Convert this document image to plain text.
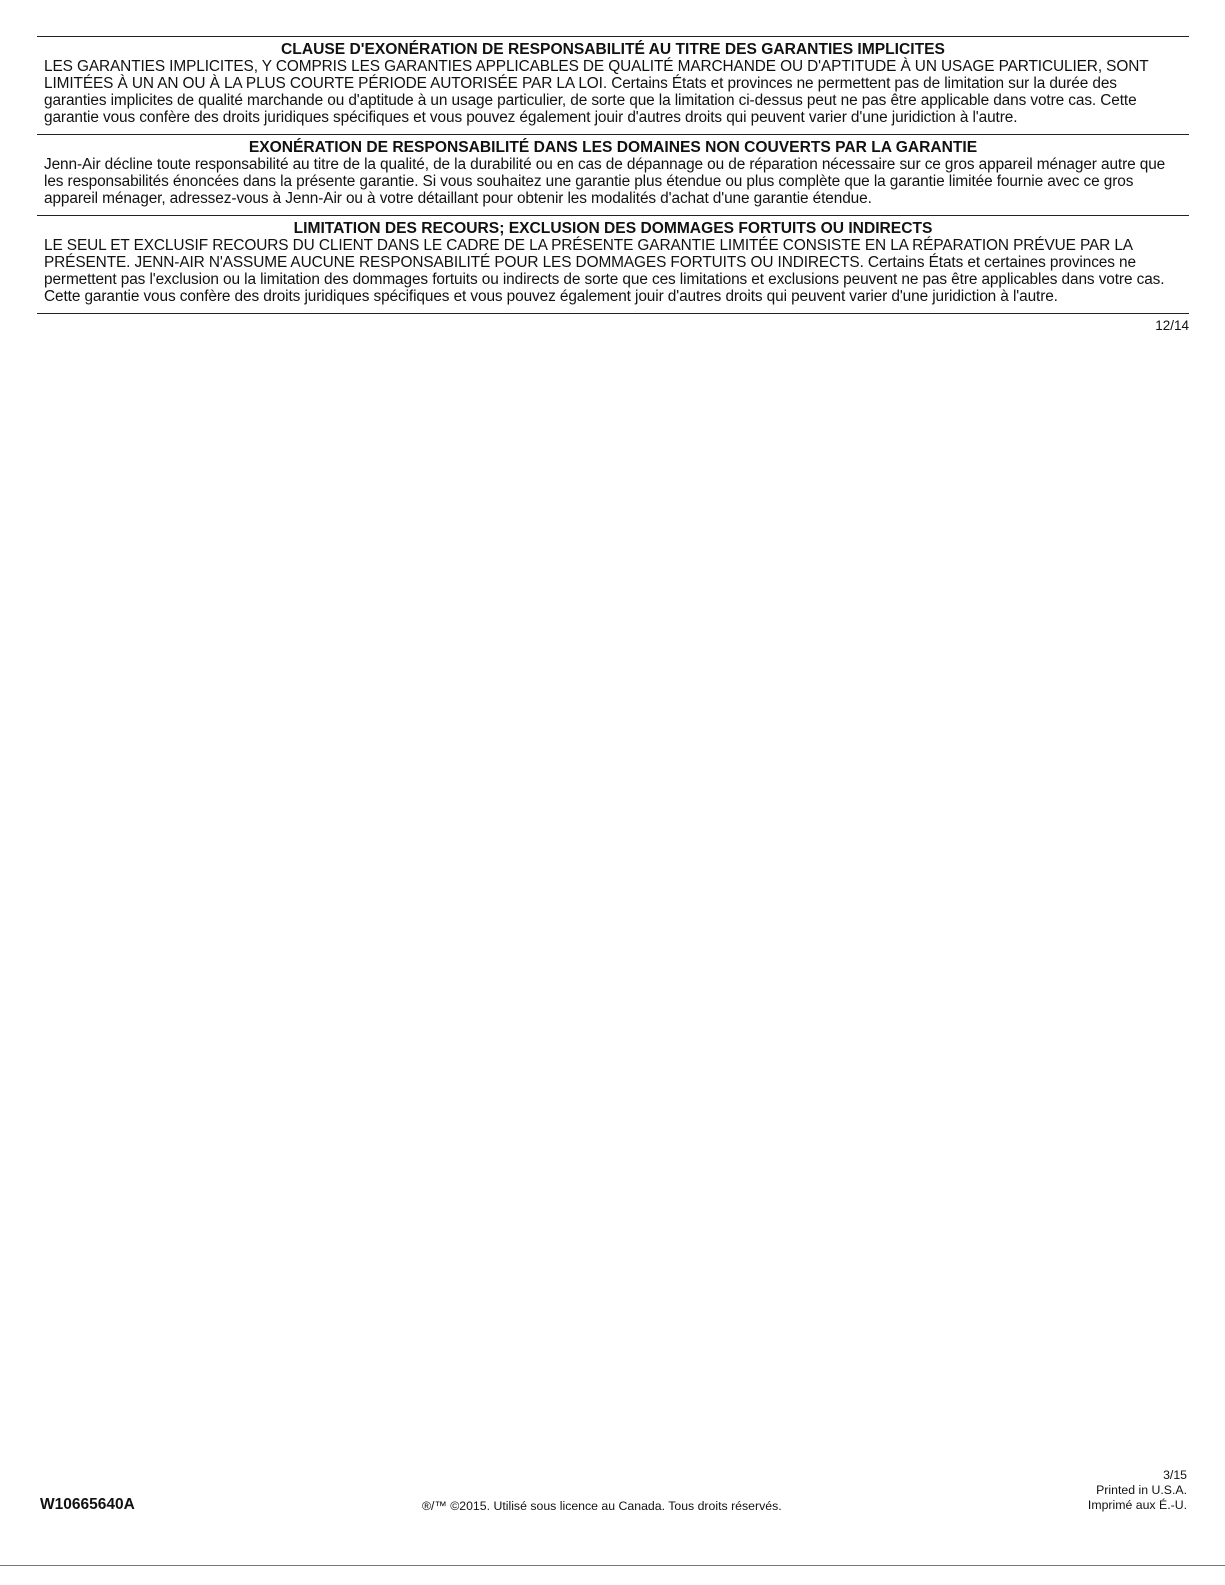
CLAUSE D'EXONÉRATION DE RESPONSABILITÉ AU TITRE DES GARANTIES IMPLICITES

LES GARANTIES IMPLICITES, Y COMPRIS LES GARANTIES APPLICABLES DE QUALITÉ MARCHANDE OU D'APTITUDE À UN USAGE PARTICULIER, SONT LIMITÉES À UN AN OU À LA PLUS COURTE PÉRIODE AUTORISÉE PAR LA LOI. Certains États et provinces ne permettent pas de limitation sur la durée des garanties implicites de qualité marchande ou d'aptitude à un usage particulier, de sorte que la limitation ci-dessus peut ne pas être applicable dans votre cas. Cette garantie vous confère des droits juridiques spécifiques et vous pouvez également jouir d'autres droits qui peuvent varier d'une juridiction à l'autre.

EXONÉRATION DE RESPONSABILITÉ DANS LES DOMAINES NON COUVERTS PAR LA GARANTIE

Jenn-Air décline toute responsabilité au titre de la qualité, de la durabilité ou en cas de dépannage ou de réparation nécessaire sur ce gros appareil ménager autre que les responsabilités énoncées dans la présente garantie. Si vous souhaitez une garantie plus étendue ou plus complète que la garantie limitée fournie avec ce gros appareil ménager, adressez-vous à Jenn-Air ou à votre détaillant pour obtenir les modalités d'achat d'une garantie étendue.

LIMITATION DES RECOURS; EXCLUSION DES DOMMAGES FORTUITS OU INDIRECTS

LE SEUL ET EXCLUSIF RECOURS DU CLIENT DANS LE CADRE DE LA PRÉSENTE GARANTIE LIMITÉE CONSISTE EN LA RÉPARATION PRÉVUE PAR LA PRÉSENTE. JENN-AIR N'ASSUME AUCUNE RESPONSABILITÉ POUR LES DOMMAGES FORTUITS OU INDIRECTS. Certains États et certaines provinces ne permettent pas l'exclusion ou la limitation des dommages fortuits ou indirects de sorte que ces limitations et exclusions peuvent ne pas être applicables dans votre cas. Cette garantie vous confère des droits juridiques spécifiques et vous pouvez également jouir d'autres droits qui peuvent varier d'une juridiction à l'autre.

12/14
W10665640A	®/™ ©2015. Utilisé sous licence au Canada. Tous droits réservés.
3/15
Printed in U.S.A.
Imprimé aux É.-U.
